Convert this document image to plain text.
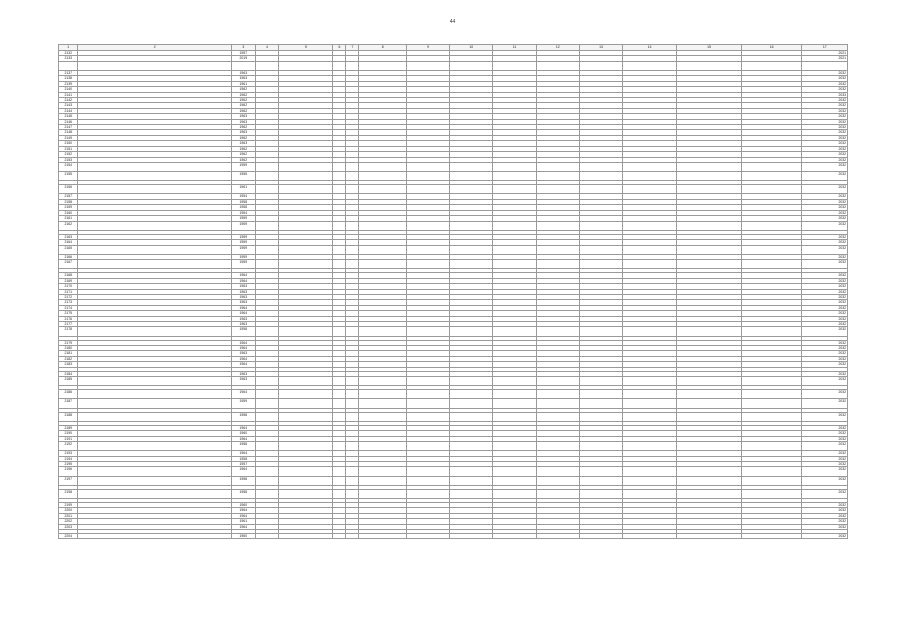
44
1	2	3	4	5	6	7	8	9	10	11	12	13	14	15	16	17
2132		1957														2021
2133		2019														2021

2137		1963														2032
2138		1963														2032
2139		1961														2032
2140		1962														2032
2141		1962														2033
2142		1962														2032
2143		1962														2032
2144		1962														2032
2145		1963														2032
2146		1963														2032
2147		1962														2032
2148		1963														2032
2149		1962														2032
2150		1963														2032
2151		1962														2032
2152		1962														2032
2153		1962														2032
2154		1959														2032
2155		1955														2032

2156		1961														2032
2157		1954														2032
2158		1958														2032
2159		1956														2032
2160		1954														2032
2161		1959														2032
2162		1959														2032

2163		1959														2032
2164		1959														2032
2165		1959														2032
2166		1959														2032
2167		1959														2032

2168		1964														2032
2169		1964														2032
2170		1963														2032
2171		1963														2032
2172		1963														2032
2173		1963														2032
2174		1964														2032
2175		1964														2032
2176		1963														2032
2177		1963														2032
2178		1958														2032

2179		1964														2032
2180		1964														2032
2181		1963														2032
2182		1964														2032
2183		1964														2032

2184		1963														2032
2185		1963														2032

2186		1964														2032
2187		1959														2032

2188		1958														2032

2189		1964														2032
2190		1960														2032
2191		1964														2032
2192		1958														2032
2193		1964														2032
2194		1958														2032
2195		1957														2032
2196		1964														2032
2197		1958														2032

2198		1958														2032

2199		1960														2032
2200		1964														2032
2201		1964														2032
2202		1961														2032
2203		1964														2032

2204		1960														2032
